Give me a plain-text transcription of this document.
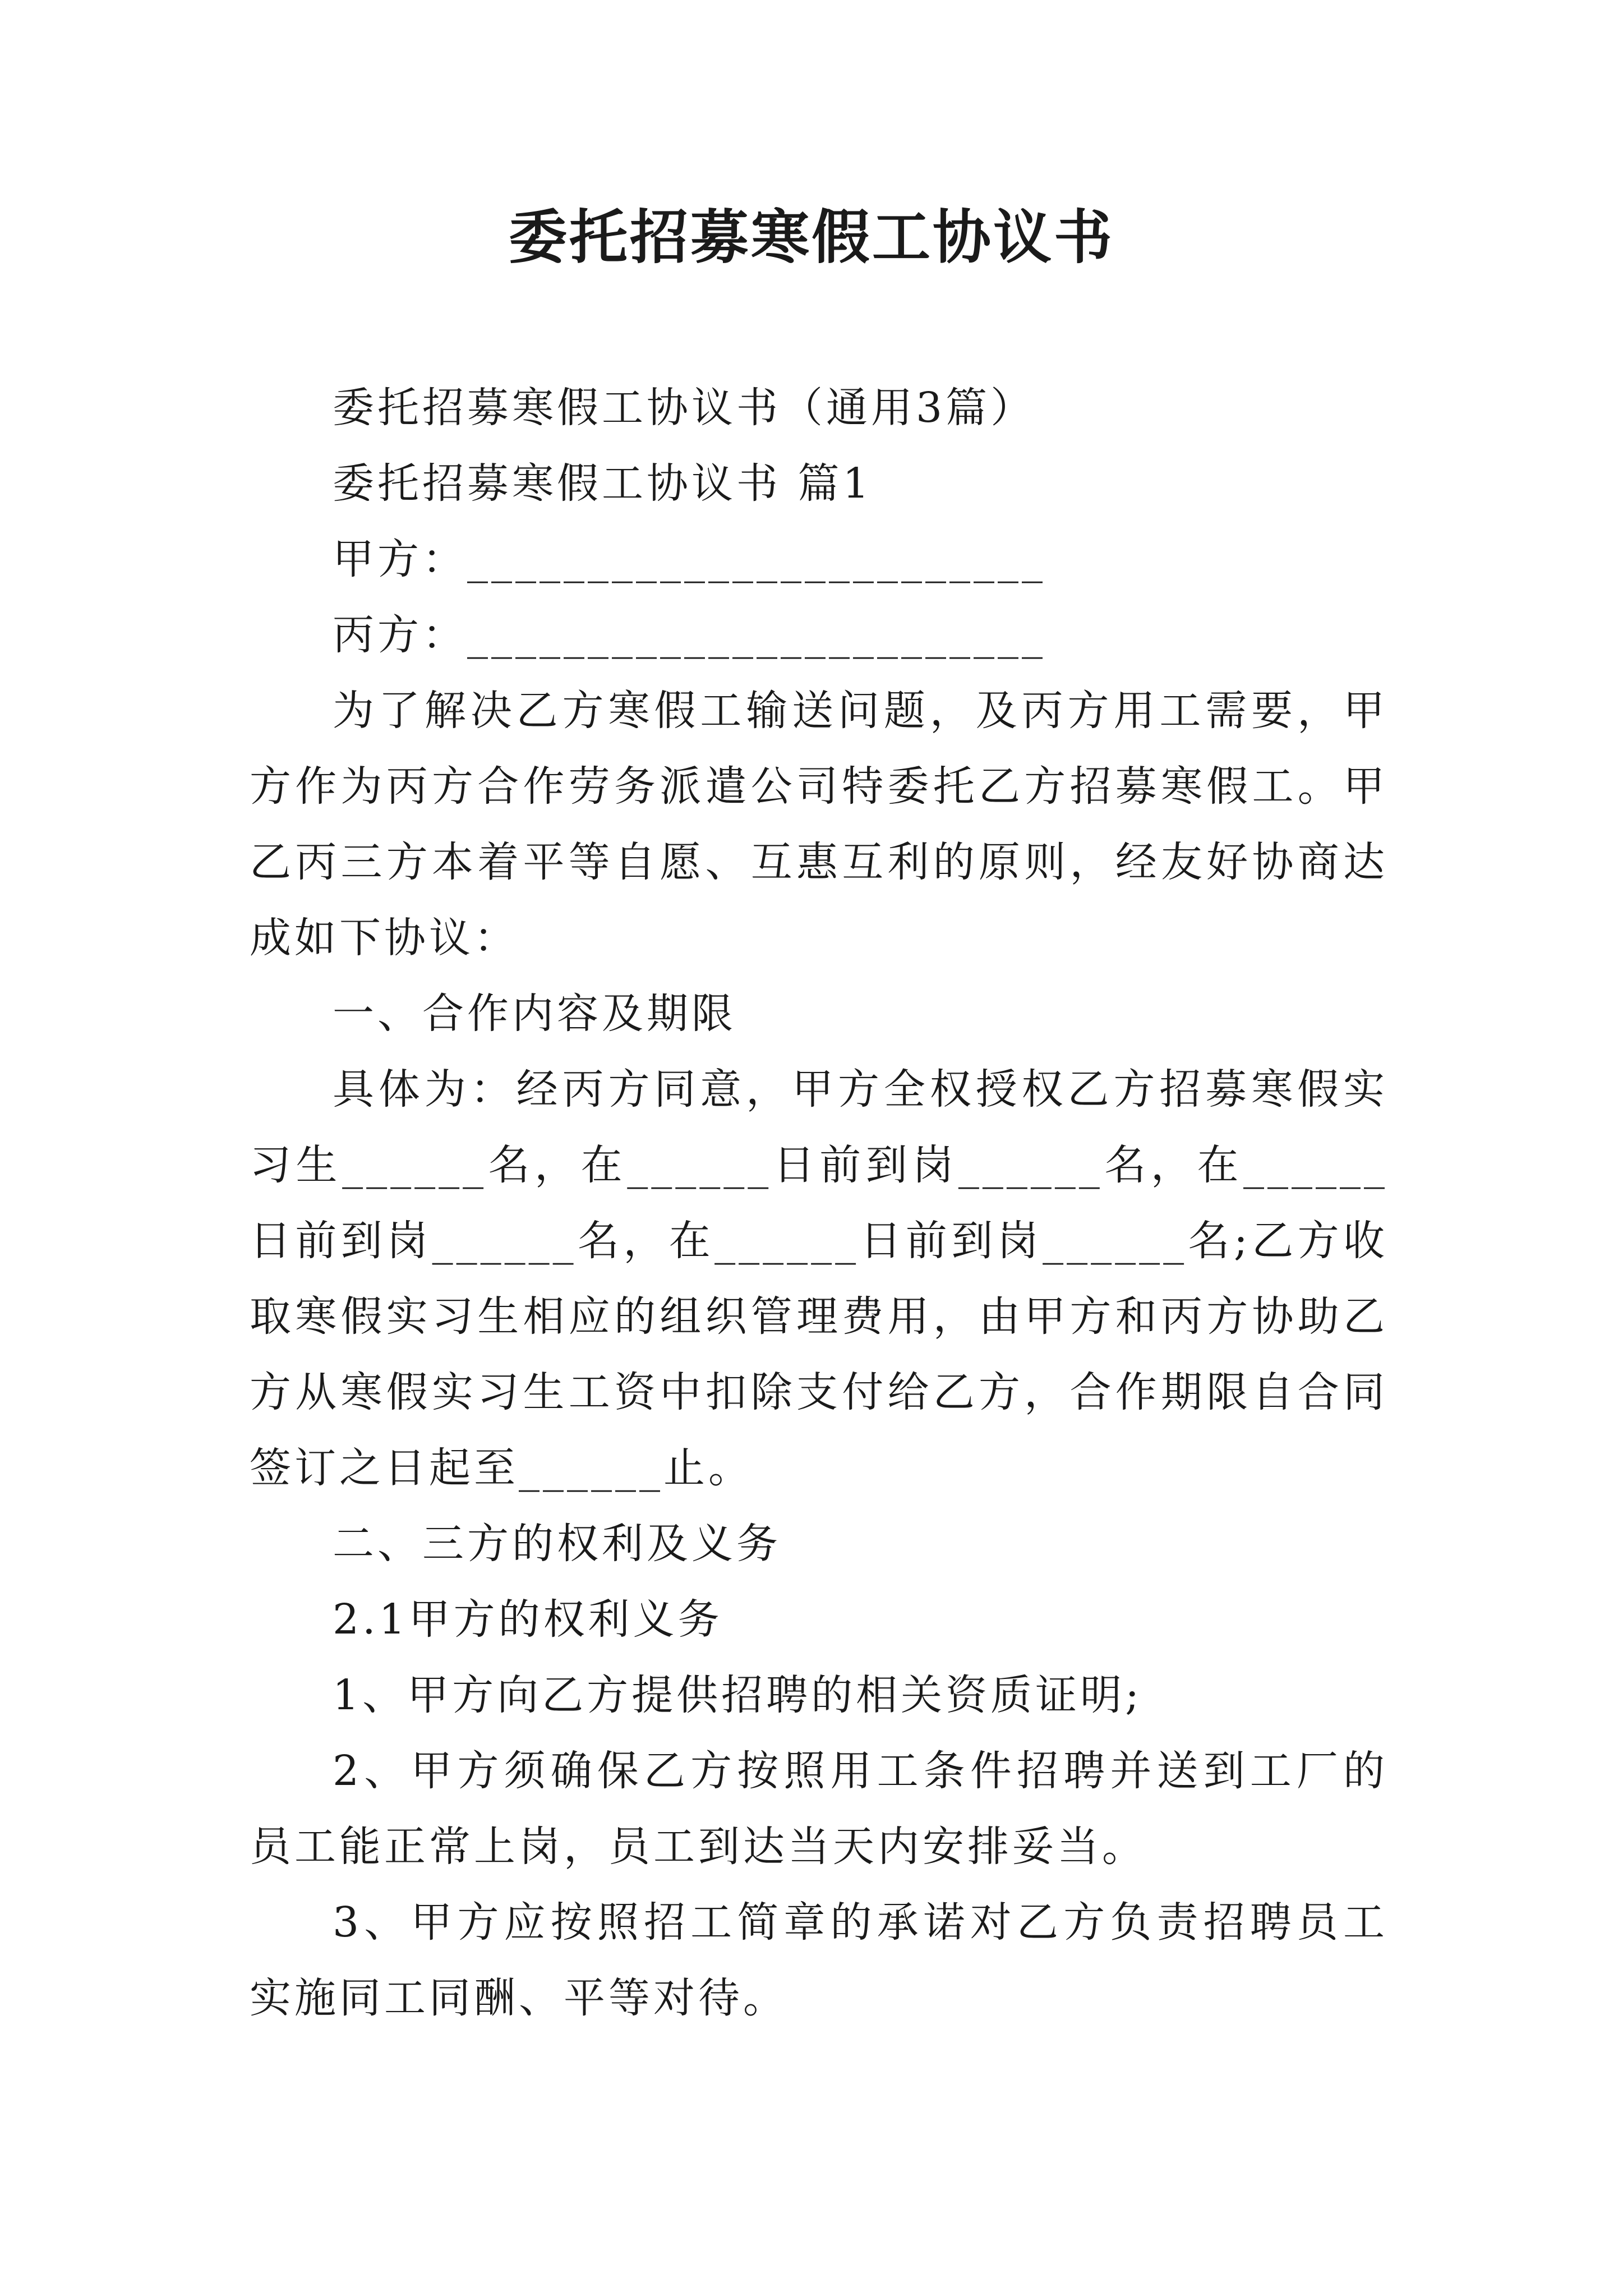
委托招募寒假工协议书

委托招募寒假工协议书（通用3篇）

委托招募寒假工协议书 篇1

甲方：________________________

丙方：________________________

为了解决乙方寒假工输送问题，及丙方用工需要，甲方作为丙方合作劳务派遣公司特委托乙方招募寒假工。甲乙丙三方本着平等自愿、互惠互利的原则，经友好协商达成如下协议：

一、合作内容及期限

具体为：经丙方同意，甲方全权授权乙方招募寒假实习生______名，在______日前到岗______名，在______日前到岗______名，在______日前到岗______名;乙方收取寒假实习生相应的组织管理费用，由甲方和丙方协助乙方从寒假实习生工资中扣除支付给乙方，合作期限自合同签订之日起至______止。

二、三方的权利及义务

2.1甲方的权利义务

1、甲方向乙方提供招聘的相关资质证明;

2、甲方须确保乙方按照用工条件招聘并送到工厂的员工能正常上岗，员工到达当天内安排妥当。

3、甲方应按照招工简章的承诺对乙方负责招聘员工实施同工同酬、平等对待。
